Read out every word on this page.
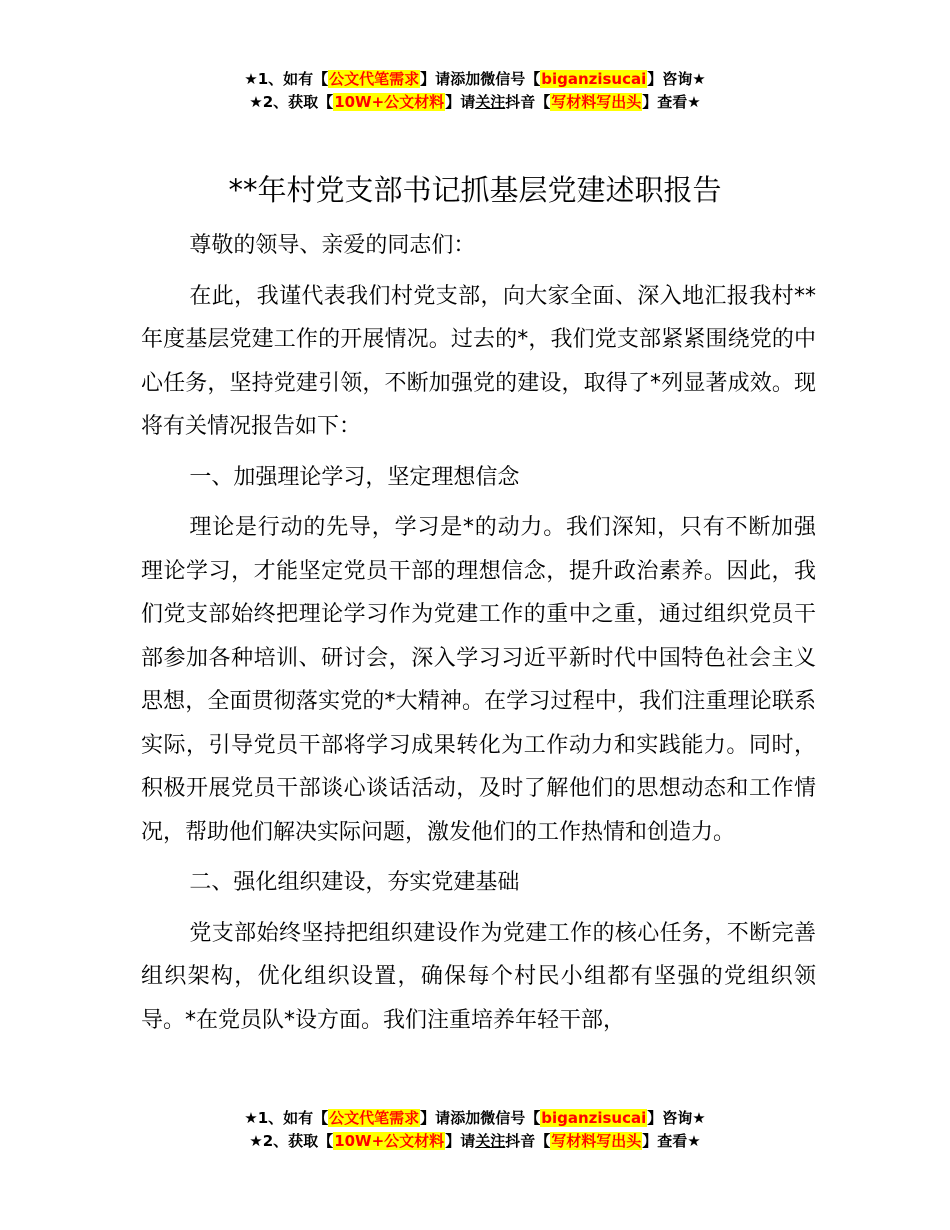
★1、如有【公文代笔需求】请添加微信号【biganzisucai】咨询★
★2、获取【10W+公文材料】请关注抖音【写材料写出头】查看★
**年村党支部书记抓基层党建述职报告

尊敬的领导、亲爱的同志们：

在此，我谨代表我们村党支部，向大家全面、深入地汇报我村**年度基层党建工作的开展情况。过去的*，我们党支部紧紧围绕党的中心任务，坚持党建引领，不断加强党的建设，取得了*列显著成效。现将有关情况报告如下：

一、加强理论学习，坚定理想信念

理论是行动的先导，学习是*的动力。我们深知，只有不断加强理论学习，才能坚定党员干部的理想信念，提升政治素养。因此，我们党支部始终把理论学习作为党建工作的重中之重，通过组织党员干部参加各种培训、研讨会，深入学习习近平新时代中国特色社会主义思想，全面贯彻落实党的*大精神。在学习过程中，我们注重理论联系实际，引导党员干部将学习成果转化为工作动力和实践能力。同时，积极开展党员干部谈心谈话活动，及时了解他们的思想动态和工作情况，帮助他们解决实际问题，激发他们的工作热情和创造力。

二、强化组织建设，夯实党建基础

党支部始终坚持把组织建设作为党建工作的核心任务，不断完善组织架构，优化组织设置，确保每个村民小组都有坚强的党组织领导。*在党员队*设方面。我们注重培养年轻干部，

★1、如有【公文代笔需求】请添加微信号【biganzisucai】咨询★
★2、获取【10W+公文材料】请关注抖音【写材料写出头】查看★
